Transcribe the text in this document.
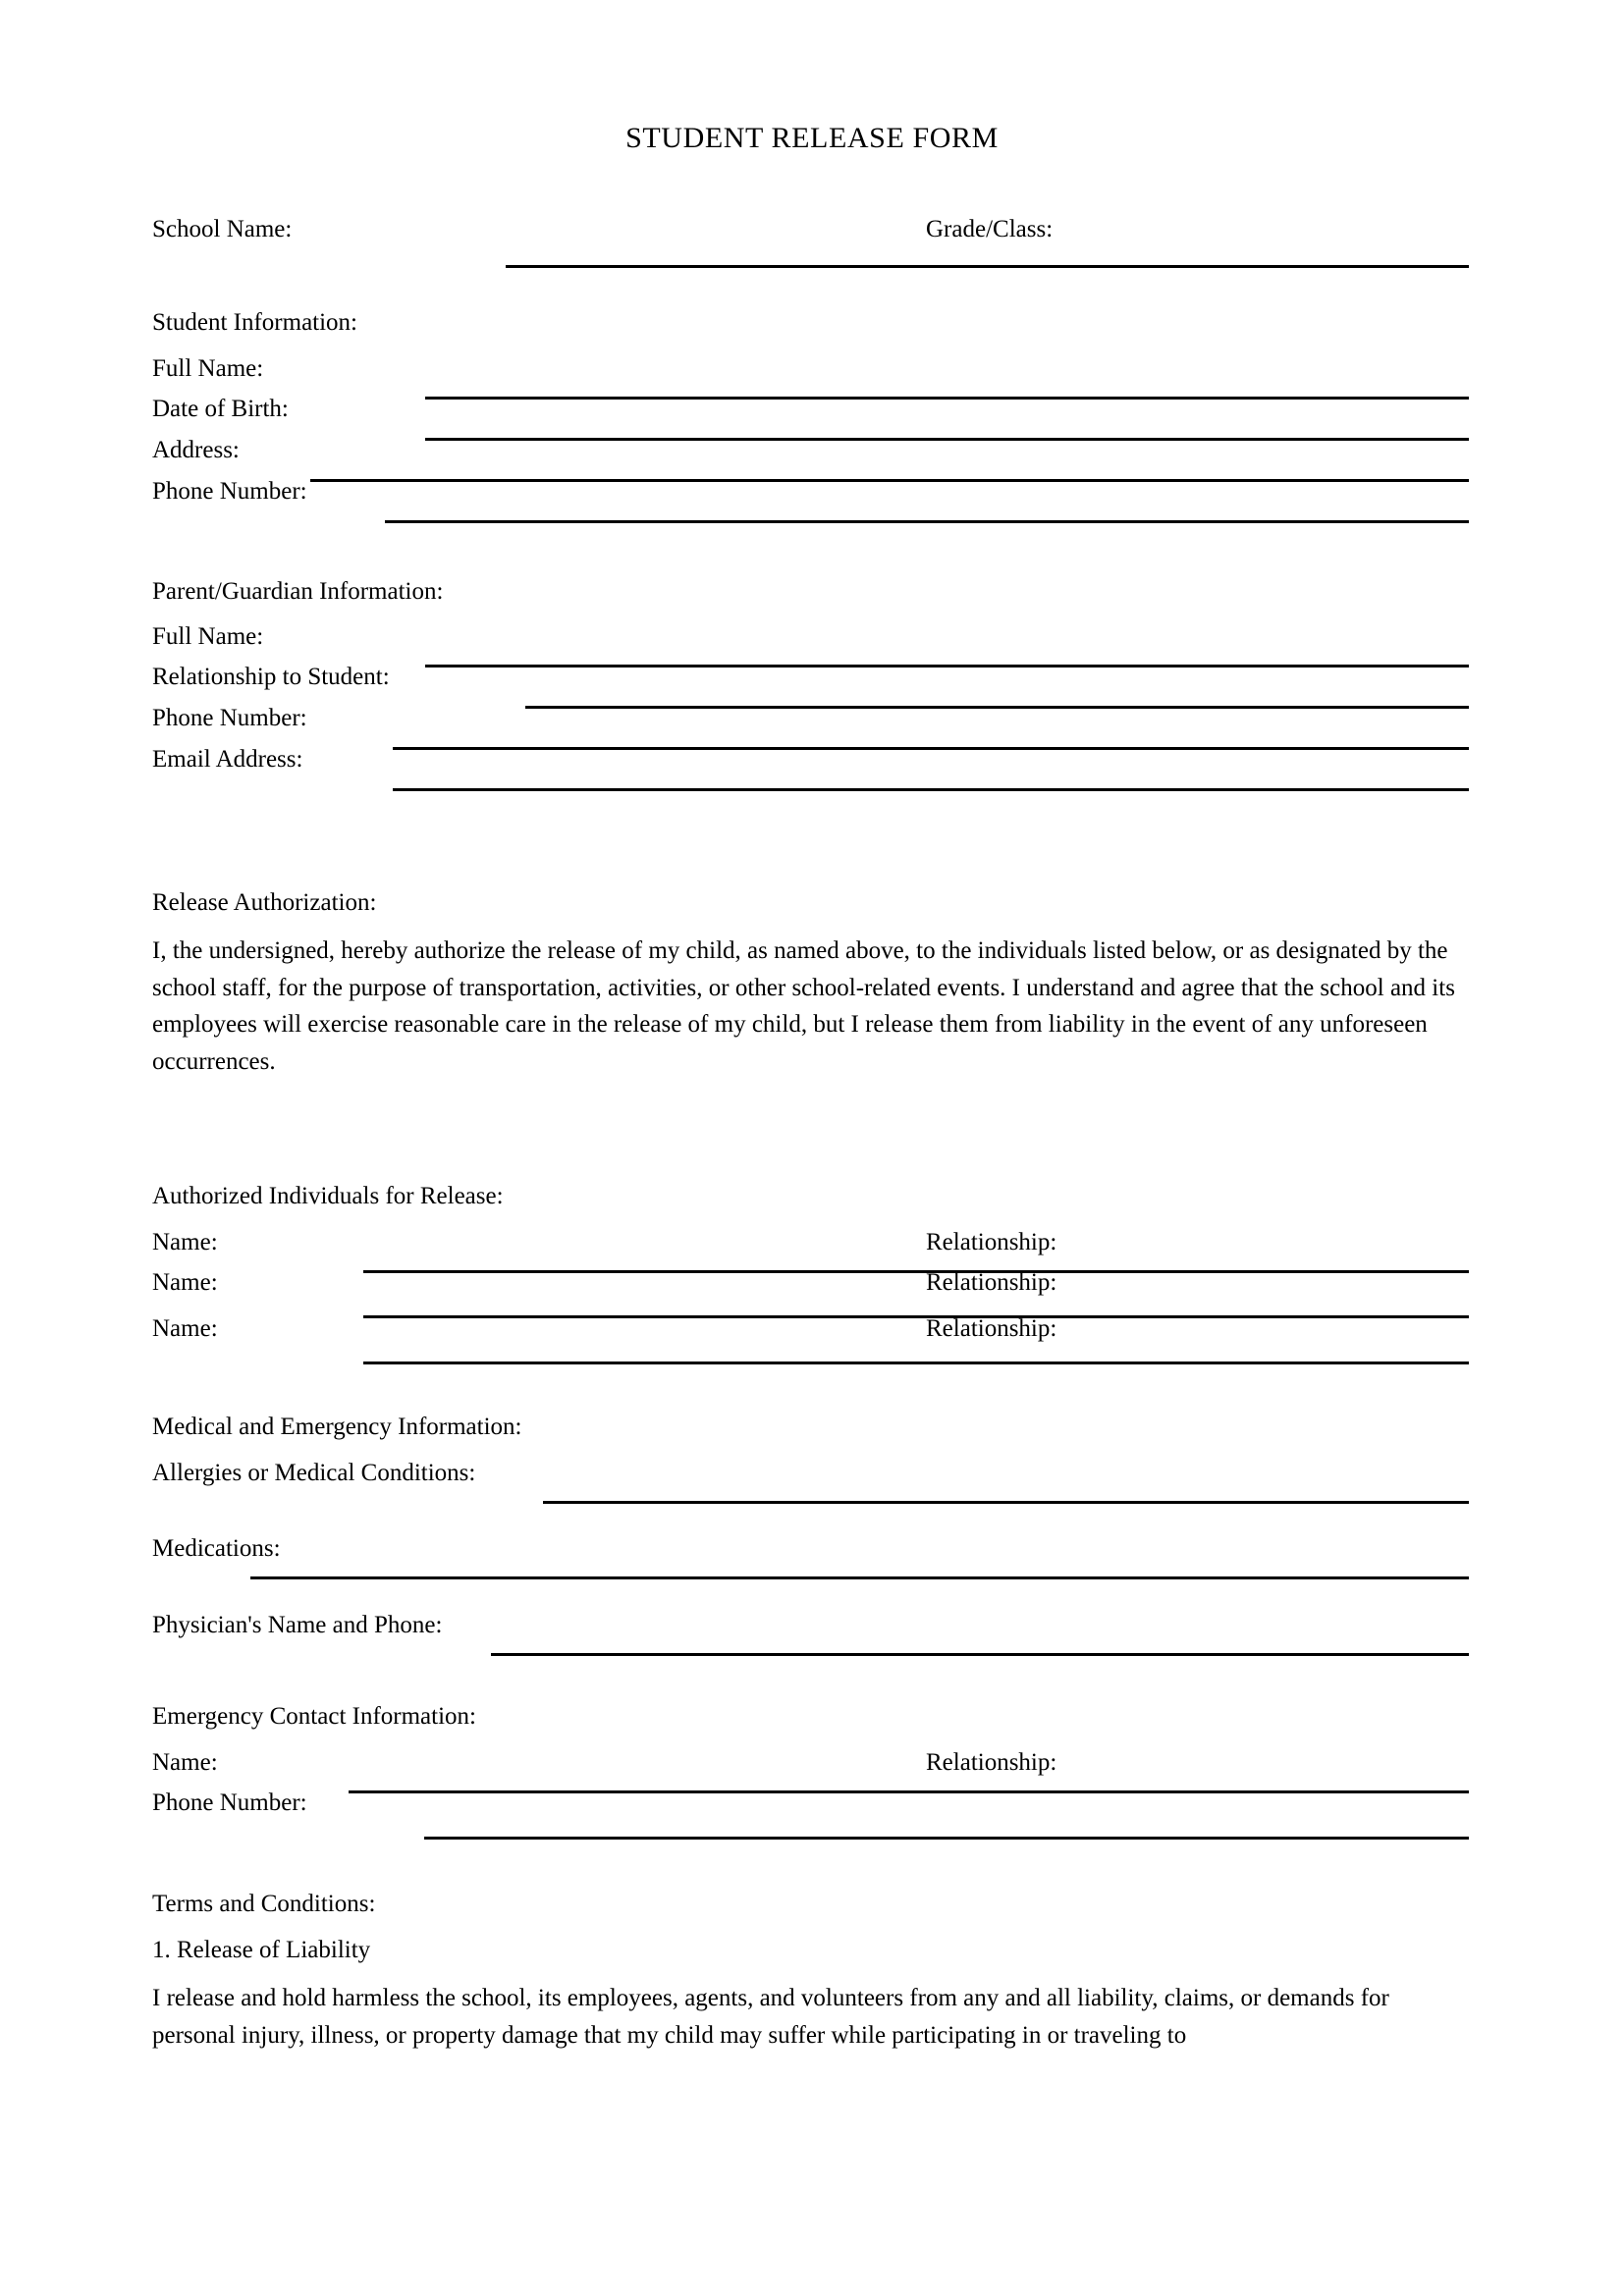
STUDENT RELEASE FORM
School Name:	Grade/Class:
Student Information:
Full Name:
Date of Birth:
Address:
Phone Number:
Parent/Guardian Information:
Full Name:
Relationship to Student:
Phone Number:
Email Address:
Release Authorization:

I, the undersigned, hereby authorize the release of my child, as named above, to the individuals listed below, or as designated by the school staff, for the purpose of transportation, activities, or other school-related events. I understand and agree that the school and its employees will exercise reasonable care in the release of my child, but I release them from liability in the event of any unforeseen occurrences.

Authorized Individuals for Release:
Name:	Relationship:
Name:	Relationship:
Name:	Relationship:
Medical and Emergency Information:
Allergies or Medical Conditions:
Medications:
Physician's Name and Phone:
Emergency Contact Information:
Name:	Relationship:
Phone Number:
Terms and Conditions:
1. Release of Liability

I release and hold harmless the school, its employees, agents, and volunteers from any and all liability, claims, or demands for personal injury, illness, or property damage that my child may suffer while participating in or traveling to
